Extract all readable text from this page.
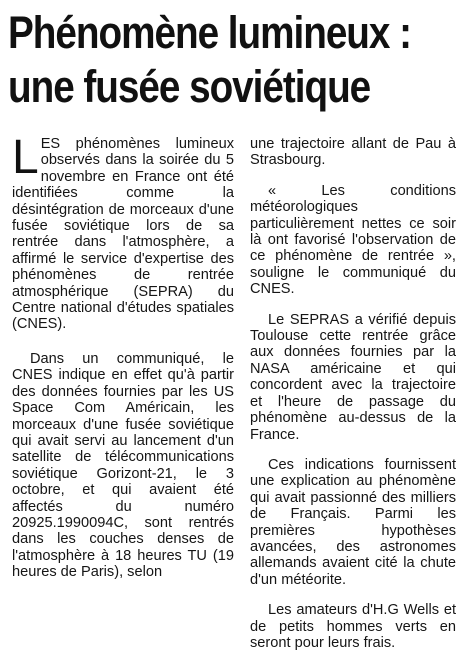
Phénomène lumineux :
une fusée soviétique

LES phénomènes lumineux observés dans la soirée du 5 novembre en France ont été identifiées comme la désintégration de morceaux d'une fusée soviétique lors de sa rentrée dans l'atmosphère, a affirmé le service d'expertise des phénomènes de rentrée atmosphérique (SEPRA) du Centre national d'études spatiales (CNES).

Dans un communiqué, le CNES indique en effet qu'à partir des données fournies par les US Space Com Américain, les morceaux d'une fusée soviétique qui avait servi au lancement d'un satellite de télécommunications soviétique Gorizont-21, le 3 octobre, et qui avaient été affectés du numéro 20925.1990094C, sont rentrés dans les couches denses de l'atmosphère à 18 heures TU (19 heures de Paris), selon

une trajectoire allant de Pau à Strasbourg.

« Les conditions météorologiques particulièrement nettes ce soir là ont favorisé l'observation de ce phénomène de rentrée », souligne le communiqué du CNES.

Le SEPRAS a vérifié depuis Toulouse cette rentrée grâce aux données fournies par la NASA américaine et qui concordent avec la trajectoire et l'heure de passage du phénomène au-dessus de la France.

Ces indications fournissent une explication au phénomène qui avait passionné des milliers de Français. Parmi les premières hypothèses avancées, des astronomes allemands avaient cité la chute d'un météorite.

Les amateurs d'H.G Wells et de petits hommes verts en seront pour leurs frais.
